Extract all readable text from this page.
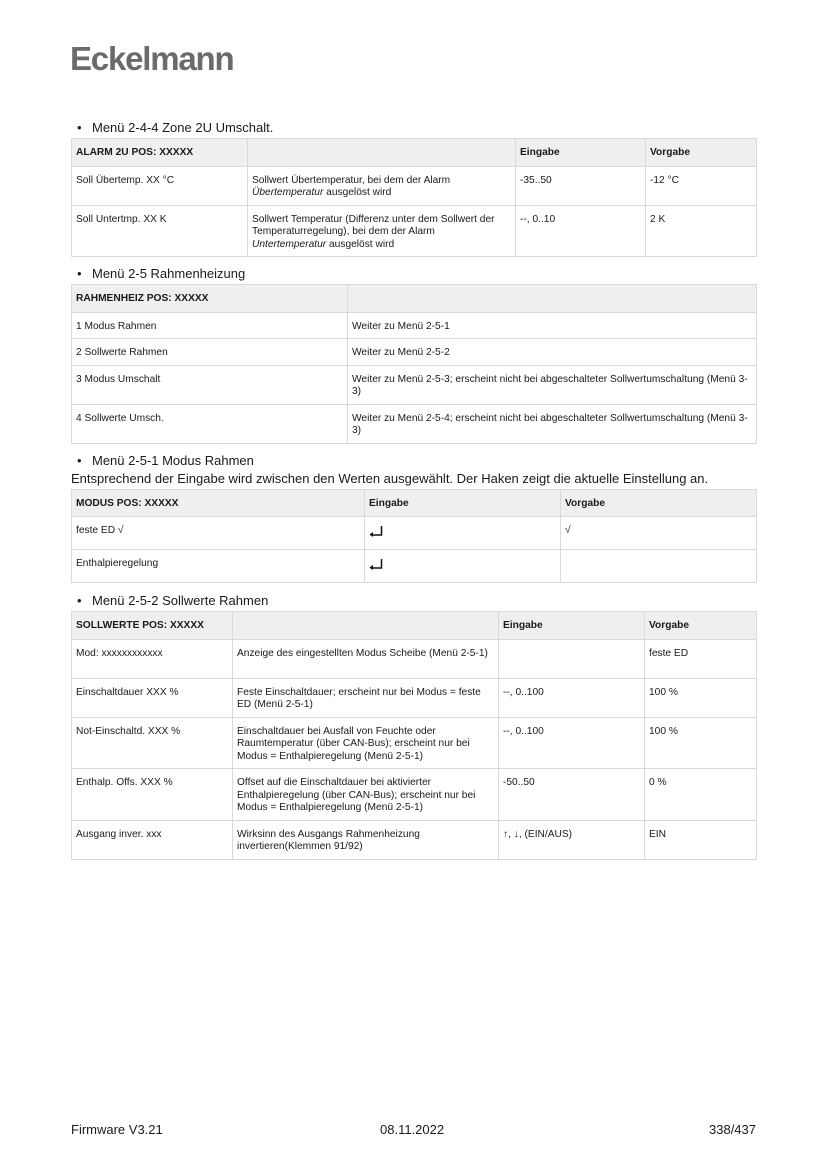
Eckelmann
• Menü 2-4-4 Zone 2U Umschalt.
ALARM 2U POS: XXXXX		Eingabe	Vorgabe
Soll Übertemp. XX °C	Sollwert Übertemperatur, bei dem der Alarm Übertemperatur ausgelöst wird	-35..50	-12 °C
Soll Untertmp. XX K	Sollwert Temperatur (Differenz unter dem Sollwert der Temperaturregelung), bei dem der Alarm Untertemperatur ausgelöst wird	--, 0..10	2 K
• Menü 2-5 Rahmenheizung
RAHMENHEIZ POS: XXXXX	
1 Modus Rahmen	Weiter zu Menü 2-5-1
2 Sollwerte Rahmen	Weiter zu Menü 2-5-2
3 Modus Umschalt	Weiter zu Menü 2-5-3; erscheint nicht bei abgeschalteter Sollwertumschaltung (Menü 3-3)
4 Sollwerte Umsch.	Weiter zu Menü 2-5-4; erscheint nicht bei abgeschalteter Sollwertumschaltung (Menü 3-3)
• Menü 2-5-1 Modus Rahmen
Entsprechend der Eingabe wird zwischen den Werten ausgewählt. Der Haken zeigt die aktuelle Einstellung an.
MODUS POS: XXXXX	Eingabe	Vorgabe
feste ED √		√
Enthalpieregelung	

• Menü 2-5-2 Sollwerte Rahmen
SOLLWERTE POS: XXXXX		Eingabe	Vorgabe
Mod: xxxxxxxxxxxx	Anzeige des eingestellten Modus Scheibe (Menü 2-5-1)		feste ED
Einschaltdauer XXX %	Feste Einschaltdauer; erscheint nur bei Modus = feste ED (Menü 2-5-1)	--, 0..100	100 %
Not-Einschaltd. XXX %	Einschaltdauer bei Ausfall von Feuchte oder Raumtemperatur (über CAN-Bus); erscheint nur bei Modus = Enthalpieregelung (Menü 2-5-1)	--, 0..100	100 %
Enthalp. Offs. XXX %	Offset auf die Einschaltdauer bei aktivierter Enthalpieregelung (über CAN-Bus); erscheint nur bei Modus = Enthalpieregelung (Menü 2-5-1)	-50..50	0 %
Ausgang inver. xxx	Wirksinn des Ausgangs Rahmenheizung invertieren(Klemmen 91/92)	↑, ↓, (EIN/AUS)	EIN
Firmware V3.21	08.11.2022	338/437
